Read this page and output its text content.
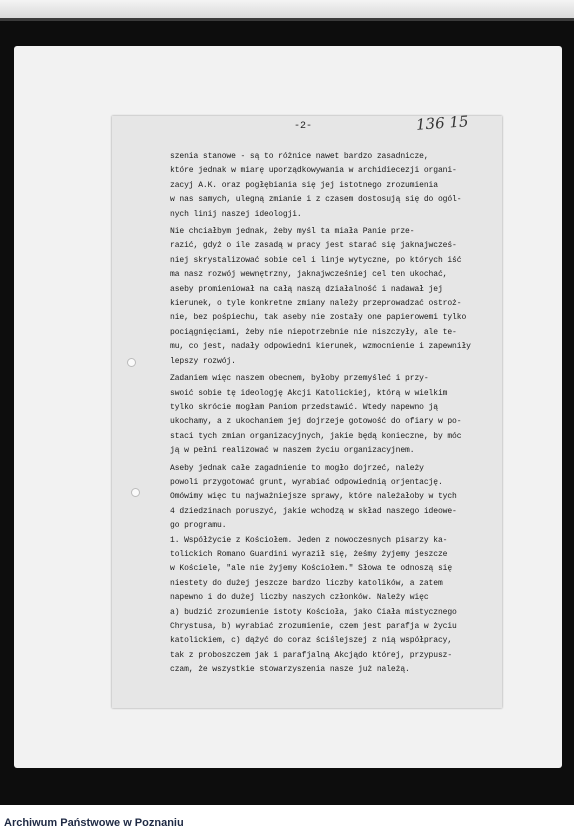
-2-	136 15
szenia stanowe - są to różnice nawet bardzo zasadnicze,
które jednak w miarę uporządkowywania w archidiecezji organi-
zacyj A.K. oraz pogłębiania się jej istotnego zrozumienia
w nas samych, ulegną zmianie i z czasem dostosują się do ogól-
nych linij naszej ideologji.
Nie chciałbym jednak, żeby myśl ta miała Panie prze-
razić, gdyż o ile zasadą w pracy jest starać się jaknajwcześ-
niej skrystalizować sobie cel i linje wytyczne, po których iść
ma nasz rozwój wewnętrzny, jaknajwcześniej cel ten ukochać,
aseby promieniował na całą naszą działalność i nadawał jej
kierunek, o tyle konkretne zmiany należy przeprowadzać ostroż-
nie, bez pośpiechu, tak aseby nie zostały one papierowemi tylko
pociągnięciami, żeby nie niepotrzebnie nie niszczyły, ale te-
mu, co jest, nadały odpowiedni kierunek, wzmocnienie i zapewniły
lepszy rozwój.
Zadaniem więc naszem obecnem, byłoby przemyśleć i przy-
swoić sobie tę ideologję Akcji Katolickiej, którą w wielkim
tylko skrócie mogłam Paniom przedstawić. Wtedy napewno ją
ukochamy, a z ukochaniem jej dojrzeje gotowość do ofiary w po-
staci tych zmian organizacyjnych, jakie będą konieczne, by móc
ją w pełni realizować w naszem życiu organizacyjnem.
Aseby jednak całe zagadnienie to mogło dojrzeć, należy
powoli przygotować grunt, wyrabiać odpowiednią orjentację.
Omówimy więc tu najważniejsze sprawy, które należałoby w tych
4 dziedzinach poruszyć, jakie wchodzą w skład naszego ideowe-
go programu.
1. Współżycie z Kościołem. Jeden z nowoczesnych pisarzy ka-
tolickich Romano Guardini wyraził się, żeśmy żyjemy jeszcze
w Kościele, "ale nie żyjemy Kościołem." Słowa te odnoszą się
niestety do dużej jeszcze bardzo liczby katolików, a zatem
napewno i do dużej liczby naszych członków. Należy więc
a) budzić zrozumienie istoty Kościoła, jako Ciała mistycznego
Chrystusa, b) wyrabiać zrozumienie, czem jest parafja w życiu
katolickiem, c) dążyć do coraz ściślejszej z nią współpracy,
tak z proboszczem jak i parafjalną Akcjądo której, przypusz-
czam, że wszystkie stowarzyszenia nasze już należą.
Archiwum Państwowe w Poznaniu
